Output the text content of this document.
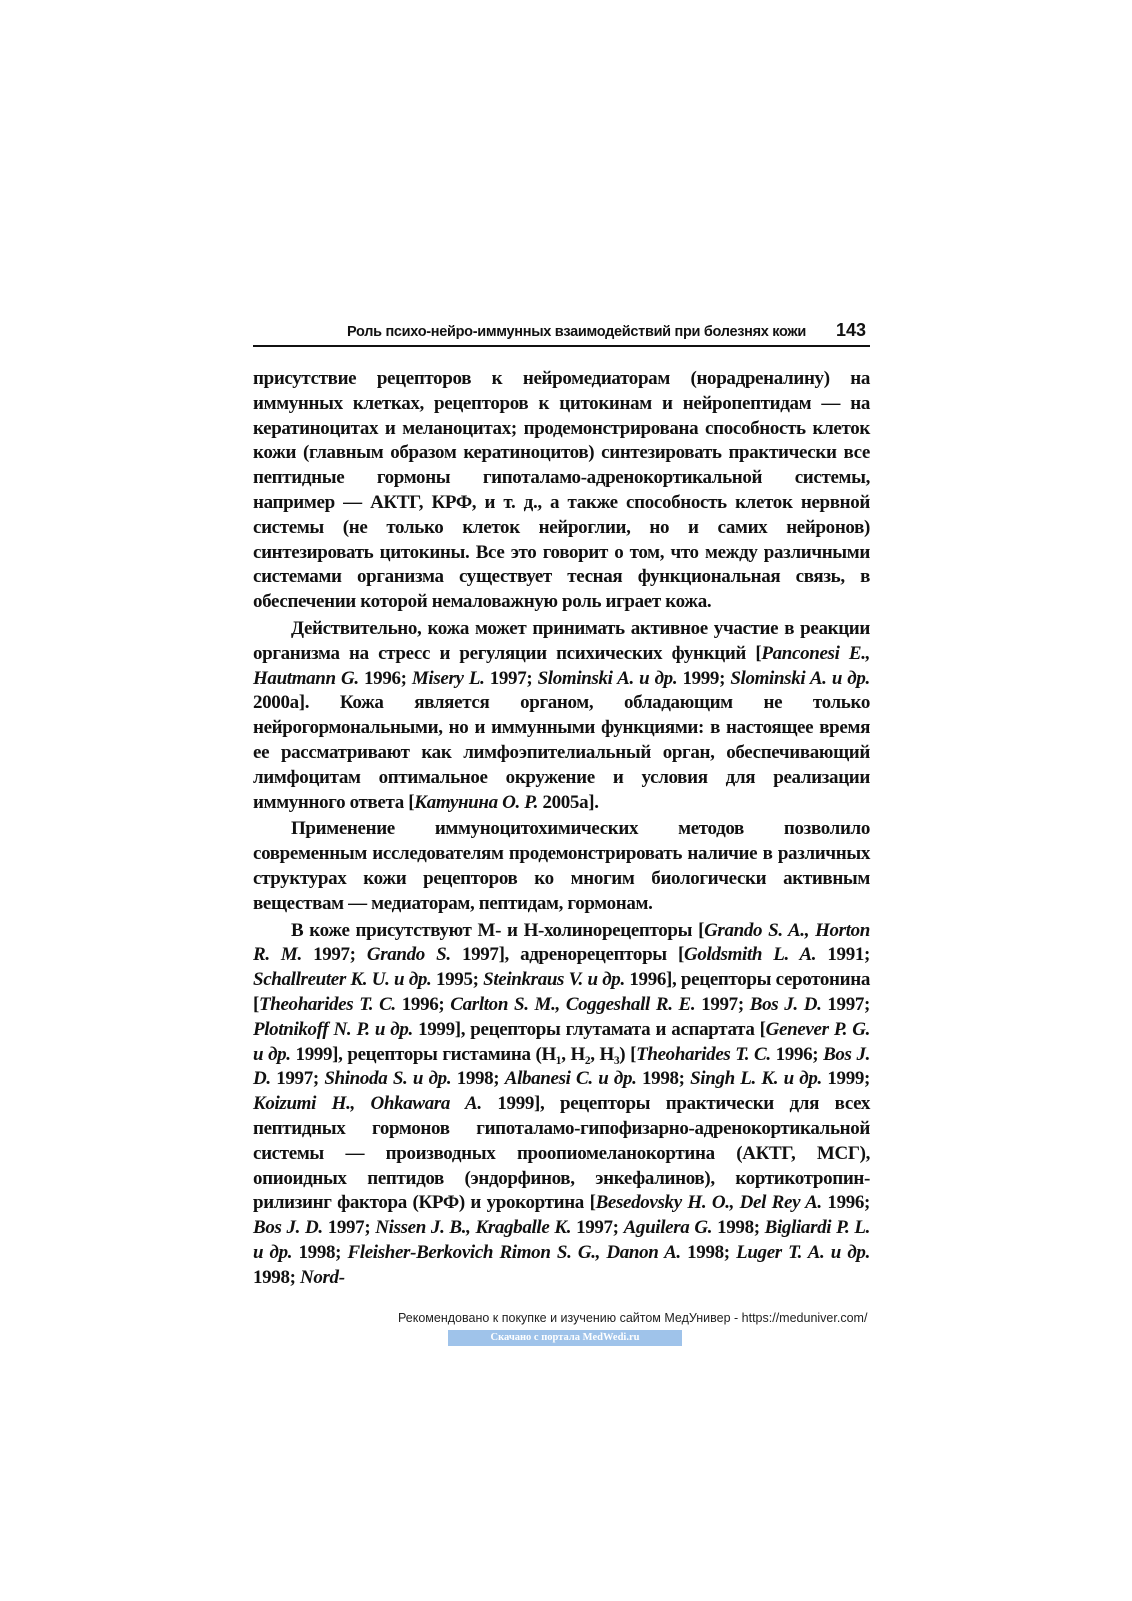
Роль психо-нейро-иммунных взаимодействий при болезнях кожи 143

присутствие рецепторов к нейромедиаторам (норадреналину) на иммунных клетках, рецепторов к цитокинам и нейропептидам — на кератиноцитах и меланоцитах; продемонстрирована способность клеток кожи (главным образом кератиноцитов) синтезировать практически все пептидные гормоны гипоталамо-адренокортикальной системы, например — АКТГ, КРФ, и т. д., а также способность клеток нервной системы (не только клеток нейроглии, но и самих нейронов) синтезировать цитокины. Все это говорит о том, что между различными системами организма существует тесная функциональная связь, в обеспечении которой немаловажную роль играет кожа.

Действительно, кожа может принимать активное участие в реакции организма на стресс и регуляции психических функций [Panconesi E., Hautmann G. 1996; Misery L. 1997; Slominski A. и др. 1999; Slominski A. и др. 2000а]. Кожа является органом, обладающим не только нейрогормональными, но и иммунными функциями: в настоящее время ее рассматривают как лимфоэпителиальный орган, обеспечивающий лимфоцитам оптимальное окружение и условия для реализации иммунного ответа [Катунина О. Р. 2005а].

Применение иммуноцитохимических методов позволило современным исследователям продемонстрировать наличие в различных структурах кожи рецепторов ко многим биологически активным веществам — медиаторам, пептидам, гормонам.

В коже присутствуют М- и Н-холинорецепторы [Grando S. A., Horton R. M. 1997; Grando S. 1997], адренорецепторы [Goldsmith L. A. 1991; Schallreuter K. U. и др. 1995; Steinkraus V. и др. 1996], рецепторы серотонина [Theoharides T. C. 1996; Carlton S. M., Coggeshall R. E. 1997; Bos J. D. 1997; Plotnikoff N. P. и др. 1999], рецепторы глутамата и аспартата [Genever P. G. и др. 1999], рецепторы гистамина (H₁, H₂, H₃) [Theoharides T. C. 1996; Bos J. D. 1997; Shinoda S. и др. 1998; Albanesi C. и др. 1998; Singh L. K. и др. 1999; Koizumi H., Ohkawara A. 1999], рецепторы практически для всех пептидных гормонов гипоталамо-гипофизарно-адренокортикальной системы — производных проопиомеланокортина (АКТГ, МСГ), опиоидных пептидов (эндорфинов, энкефалинов), кортикотропин-рилизинг фактора (КРФ) и урокортина [Besedovsky H. O., Del Rey A. 1996; Bos J. D. 1997; Nissen J. B., Kragballe K. 1997; Aguilera G. 1998; Bigliardi P. L. и др. 1998; Fleisher-Berkovich Rimon S. G., Danon A. 1998; Luger T. A. и др. 1998; Nord-

Рекомендовано к покупке и изучению сайтом МедУнивер - https://meduniver.com/
Скачано с портала MedWedi.ru
